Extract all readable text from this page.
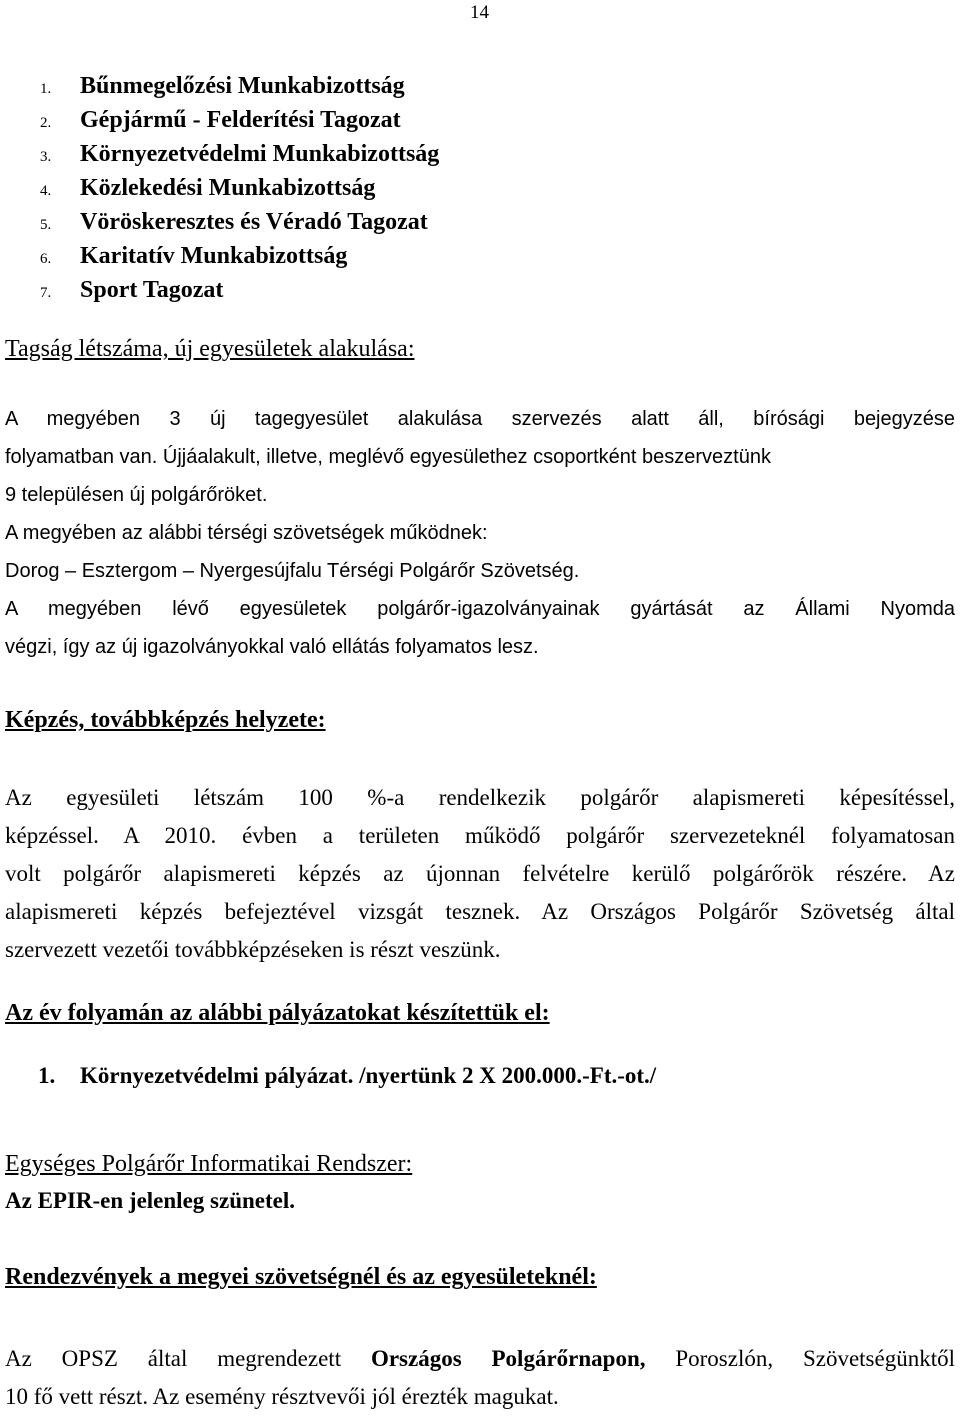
14
1. Bűnmegelőzési Munkabizottság
2. Gépjármű - Felderítési Tagozat
3. Környezetvédelmi Munkabizottság
4. Közlekedési Munkabizottság
5. Vöröskeresztes és Véradó Tagozat
6. Karitatív Munkabizottság
7. Sport Tagozat
Tagság létszáma, új egyesületek alakulása:
A megyében 3 új tagegyesület alakulása szervezés alatt áll, bírósági bejegyzése
folyamatban van. Újjáalakult, illetve, meglévő egyesülethez csoportként beszerveztünk
9 településen új polgárőröket.
A megyében az alábbi térségi szövetségek működnek:
Dorog – Esztergom – Nyergesújfalu Térségi Polgárőr Szövetség.
A megyében lévő egyesületek polgárőr-igazolványainak gyártását az Állami Nyomda
végzi, így az új igazolványokkal való ellátás folyamatos lesz.
Képzés, továbbképzés helyzete:
Az egyesületi létszám 100 %-a rendelkezik polgárőr alapismereti képesítéssel,
képzéssel. A 2010. évben a területen működő polgárőr szervezeteknél folyamatosan
volt polgárőr alapismereti képzés az újonnan felvételre kerülő polgárőrök részére. Az
alapismereti képzés befejeztével vizsgát tesznek. Az Országos Polgárőr Szövetség által
szervezett vezetői továbbképzéseken is részt veszünk.
Az év folyamán az alábbi pályázatokat készítettük el:
1. Környezetvédelmi pályázat. /nyertünk 2 X 200.000.-Ft.-ot./
Egységes Polgárőr Informatikai Rendszer:
Az EPIR-en jelenleg szünetel.
Rendezvények a megyei szövetségnél és az egyesületeknél:
Az OPSZ által megrendezett Országos Polgárőrnapon, Poroszlón, Szövetségünktől
10 fő vett részt. Az esemény résztvevői jól érezték magukat.
